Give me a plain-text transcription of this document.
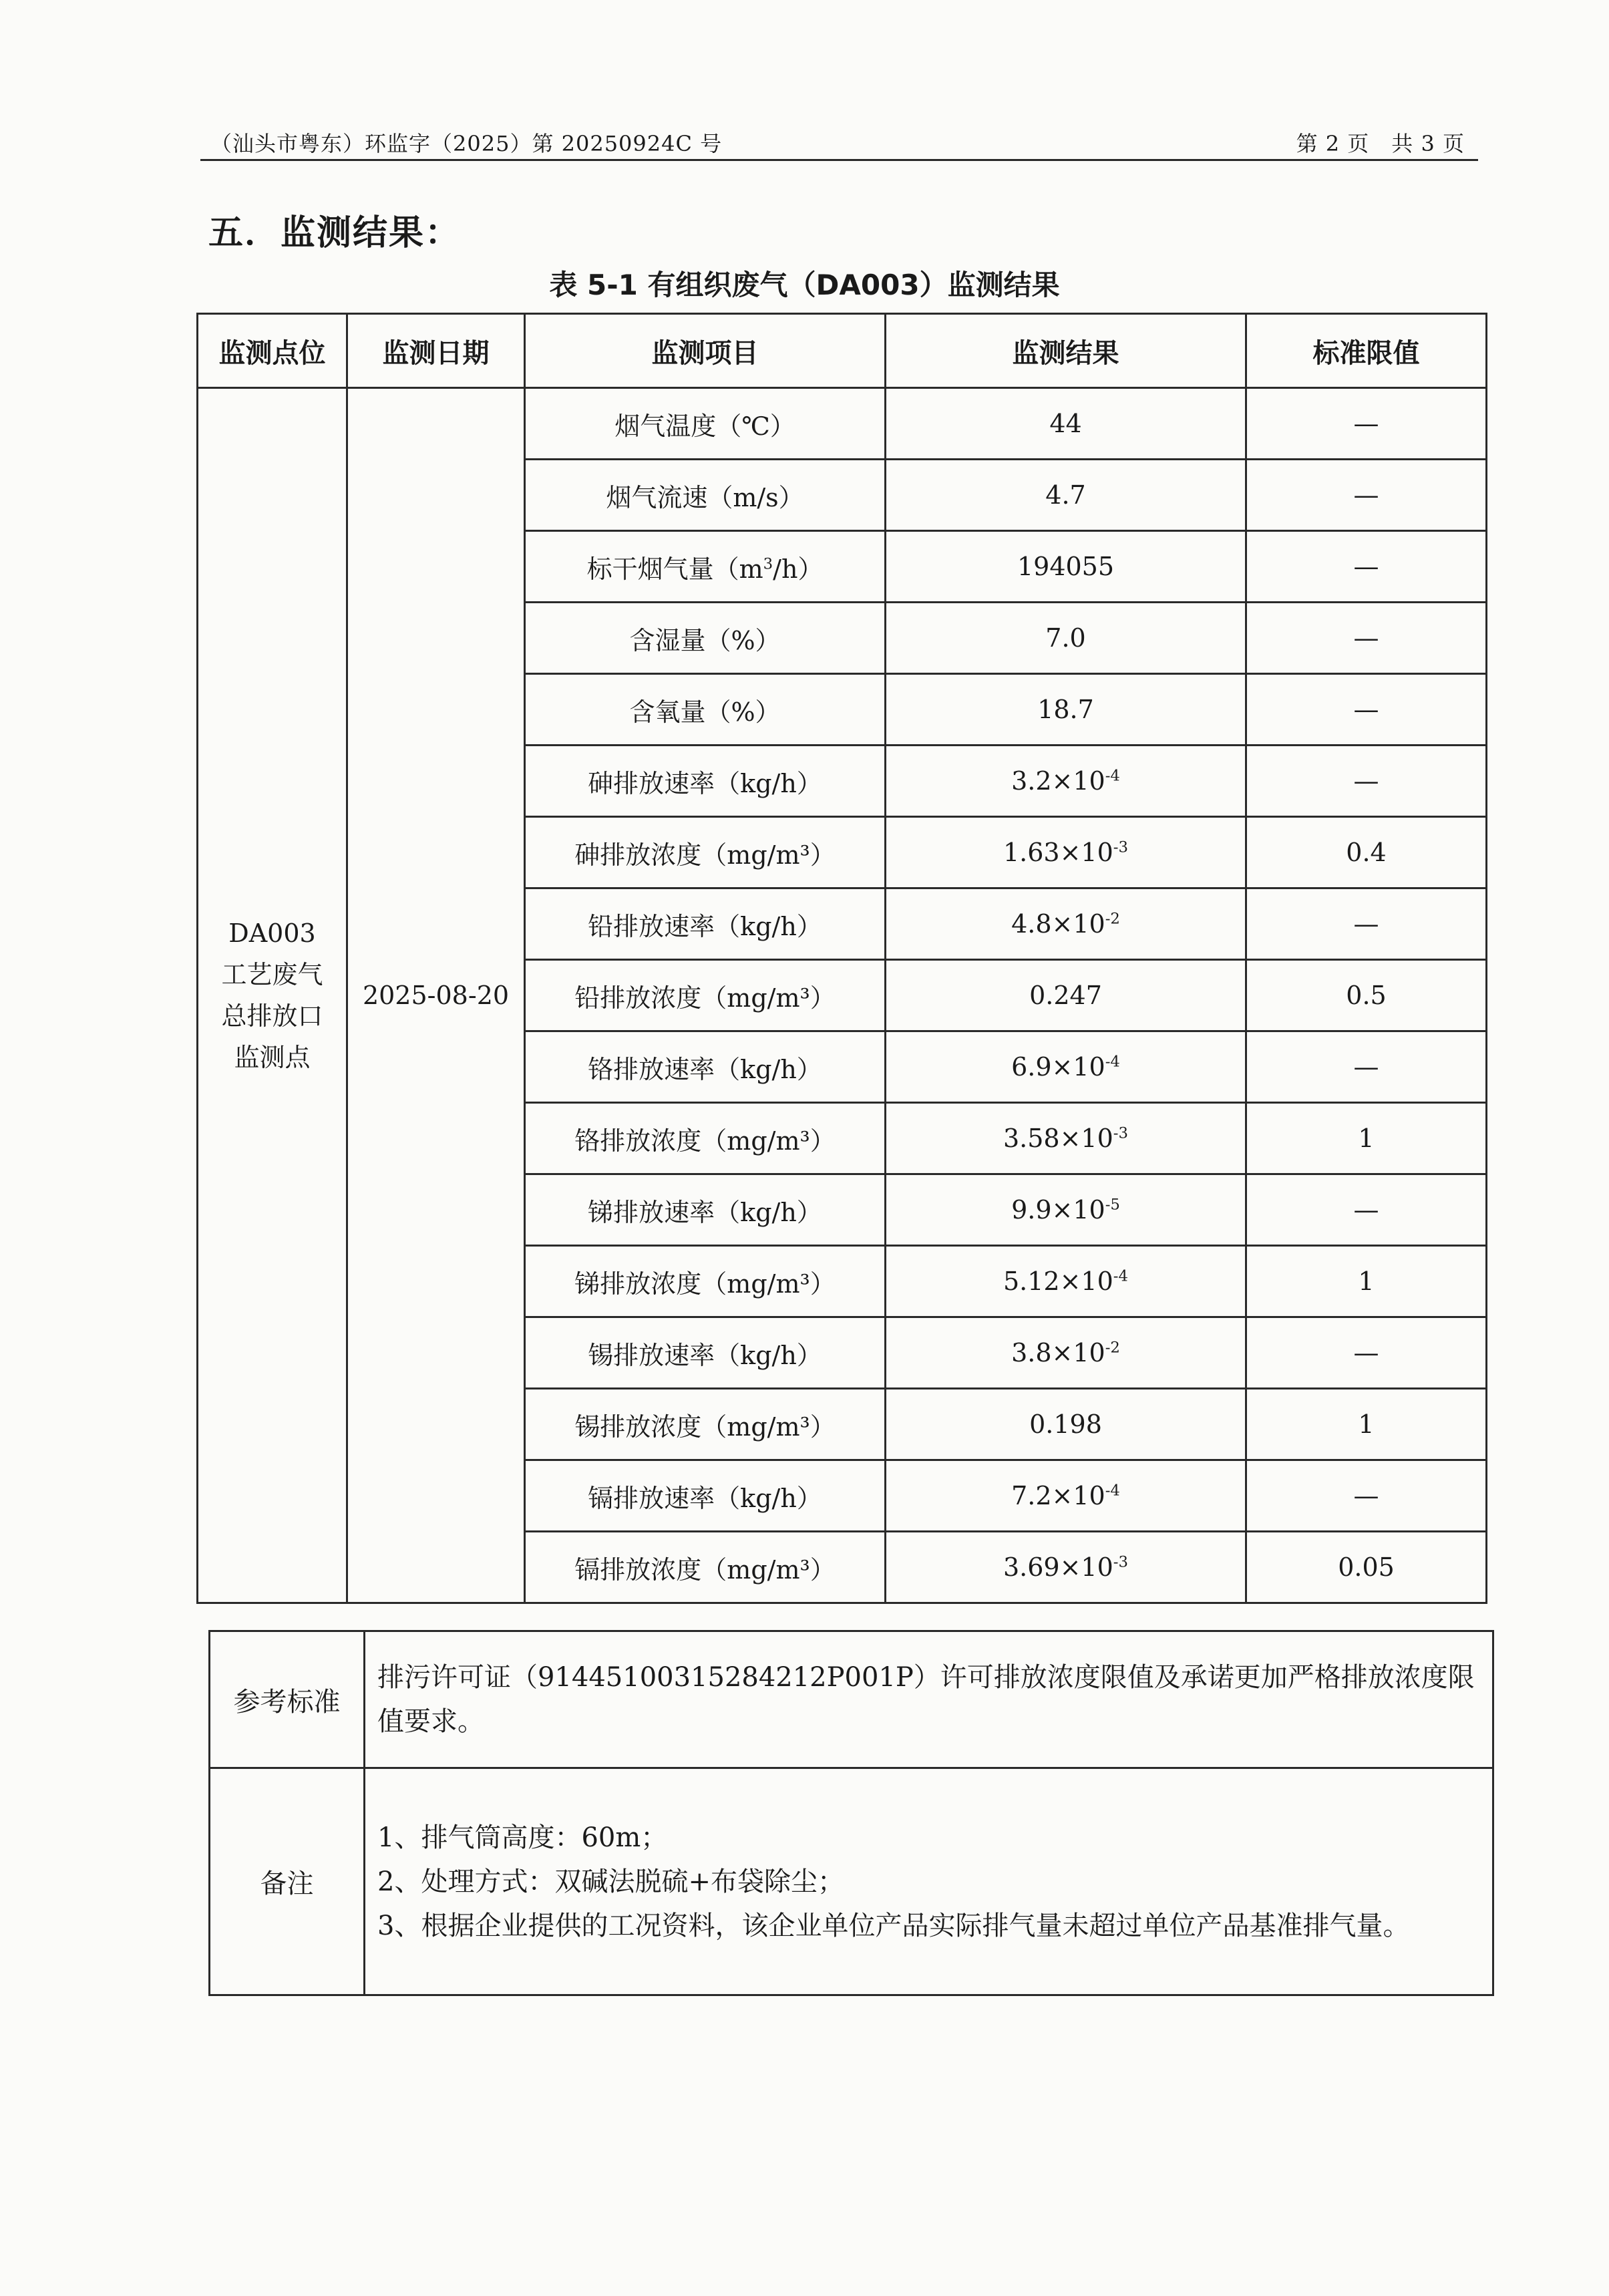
（汕头市粤东）环监字（2025）第 20250924C 号	第 2 页　共 3 页
五．监测结果：
表 5-1 有组织废气（DA003）监测结果
监测点位	监测日期	监测项目	监测结果	标准限值

DA003
工艺废气
总排放口
监测点	2025-08-20	烟气温度（℃）	44	—
		烟气流速（m/s）	4.7	—
		标干烟气量$(m^3/h)$	194055	—
		含湿量（%）	7.0	—
		含氧量（%）	18.7	—
		砷排放速率（kg/h）	$3.2\times 10^{-4}$	—
		砷排放浓度（mg/m³）	$1.63\times 10^{-3}$	0.4
		铅排放速率（kg/h）	$4.8\times 10^{-2}$	—
		铅排放浓度（mg/m³）	0.247	0.5
		铬排放速率（kg/h）	$6.9\times 10^{-4}$	—
		铬排放浓度（mg/m³）	$3.58\times 10^{-3}$	1
		锑排放速率（kg/h）	$9.9\times 10^{-5}$	—
		锑排放浓度（mg/m³）	$5.12\times 10^{-4}$	1
		锡排放速率（kg/h）	$3.8\times 10^{-2}$	—
		锡排放浓度（mg/m³）	0.198	1
		镉排放速率（kg/h）	$7.2\times 10^{-4}$	—
		镉排放浓度（mg/m³）	$3.69\times 10^{-3}$	0.05
参考标准	排污许可证（91445100315284212P001P）许可排放浓度限值及承诺更加严格排放浓度限值要求。
备注	1、排气筒高度：60m；
2、处理方式：双碱法脱硫+布袋除尘；
3、根据企业提供的工况资料，该企业单位产品实际排气量未超过单位产品基准排气量。
